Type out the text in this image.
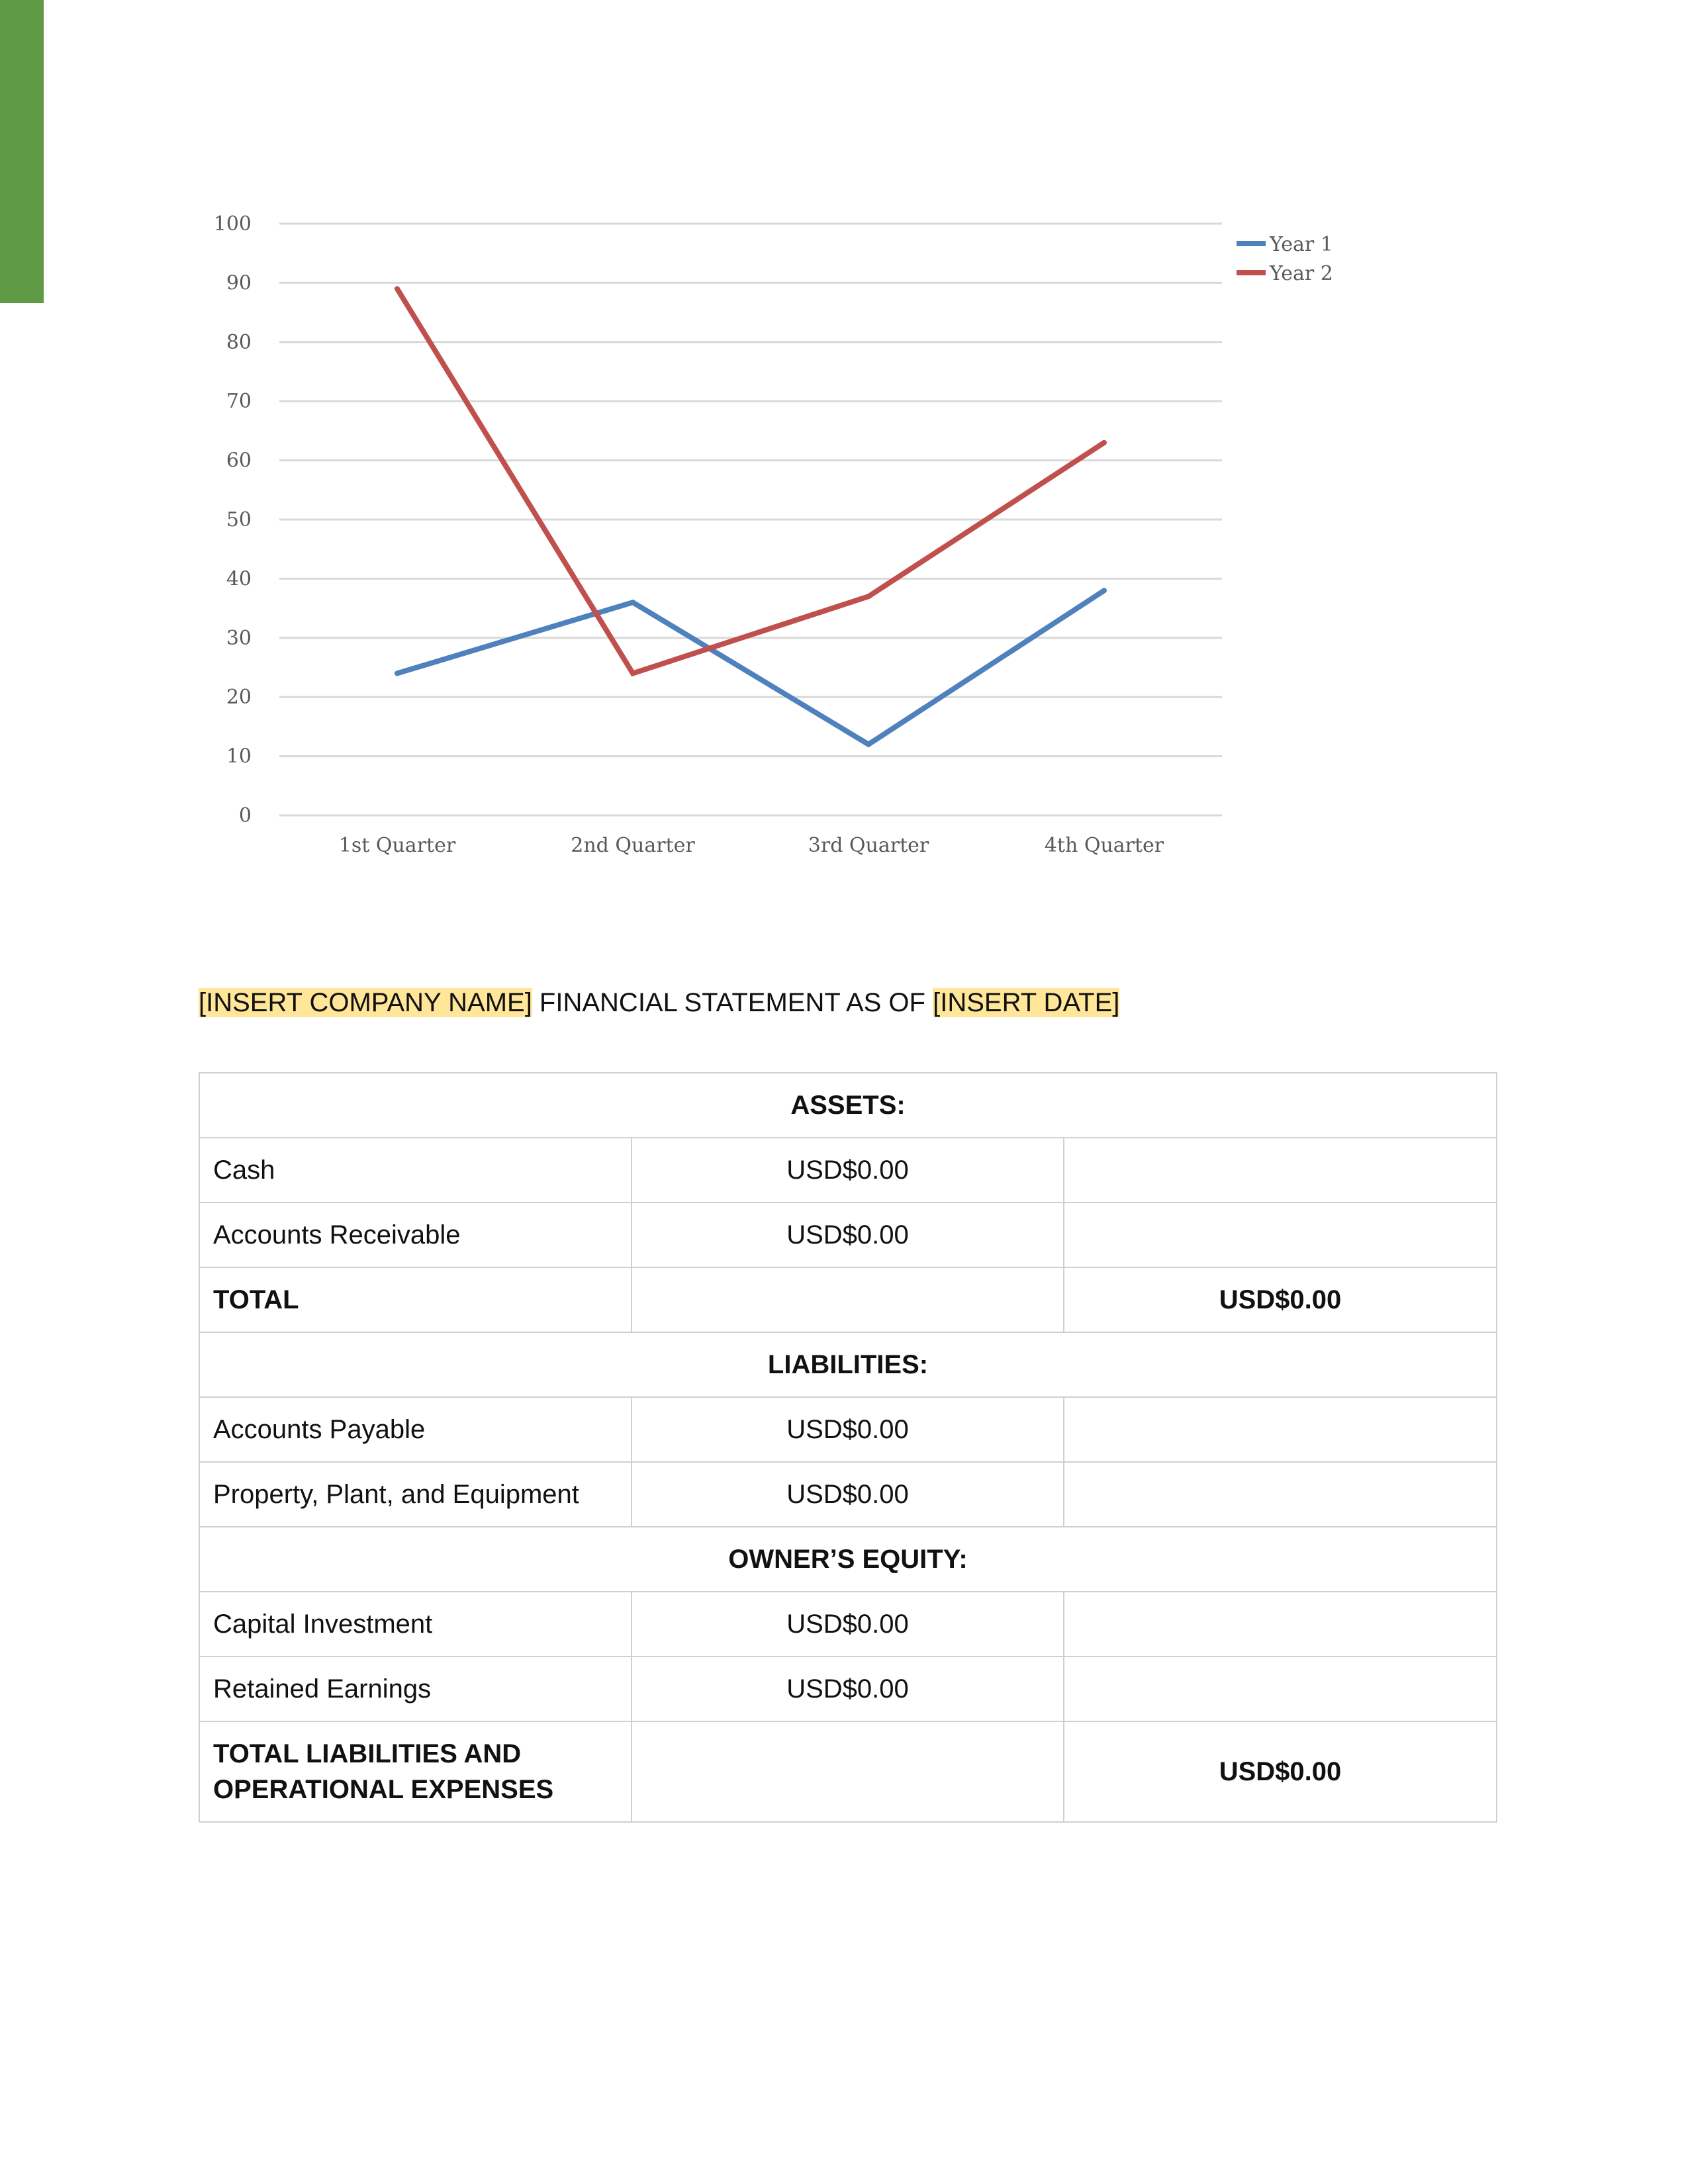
0
10
20
30
40
50
60
70
80
90
100
1st Quarter	2nd Quarter	3rd Quarter	4th Quarter
Year 1
Year 2
[INSERT COMPANY NAME] FINANCIAL STATEMENT AS OF [INSERT DATE]
ASSETS:		
Cash	USD$0.00	
Accounts Receivable	USD$0.00	
TOTAL		USD$0.00
LIABILITIES:		
Accounts Payable	USD$0.00	
Property, Plant, and Equipment	USD$0.00	
OWNER’S EQUITY:		
Capital Investment	USD$0.00	
Retained Earnings	USD$0.00	
TOTAL LIABILITIES AND
OPERATIONAL EXPENSES		USD$0.00
